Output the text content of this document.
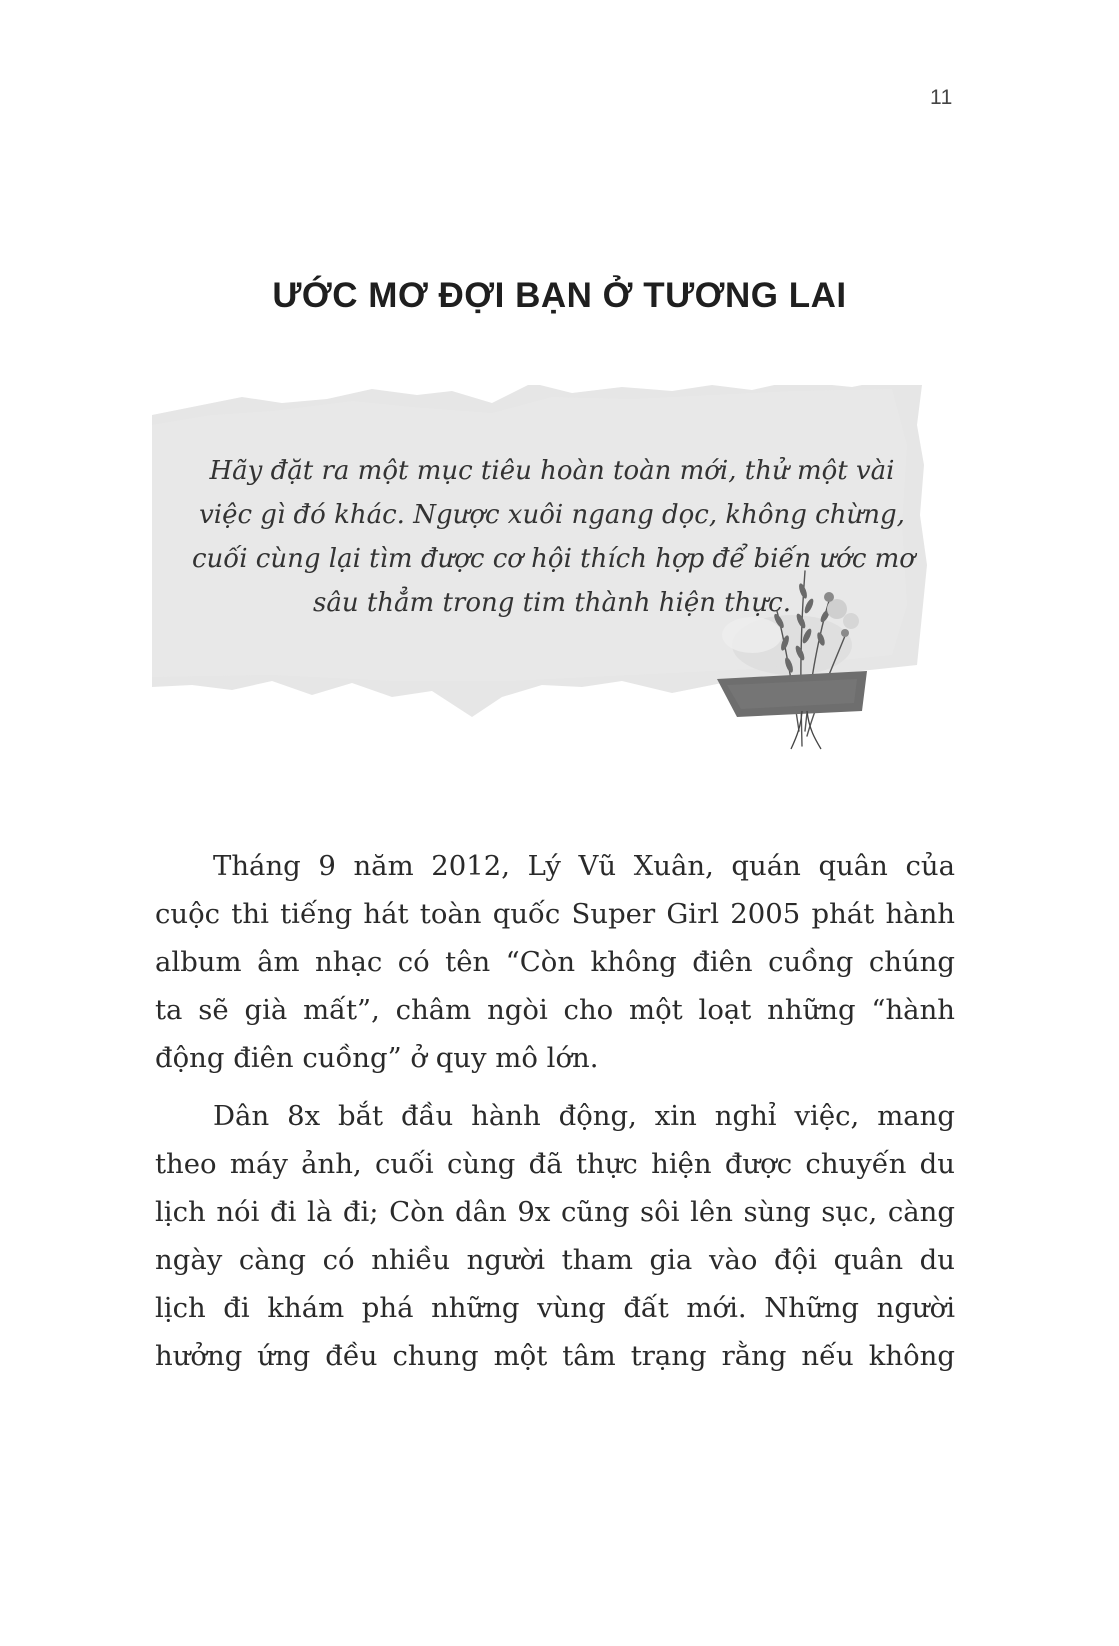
11
ƯỚC MƠ ĐỢI BẠN Ở TƯƠNG LAI
Hãy đặt ra một mục tiêu hoàn toàn mới, thử một vài
việc gì đó khác. Ngược xuôi ngang dọc, không chừng,
cuối cùng lại tìm được cơ hội thích hợp để biến ước mơ
sâu thẳm trong tim thành hiện thực.
Tháng 9 năm 2012, Lý Vũ Xuân, quán quân của
cuộc thi tiếng hát toàn quốc Super Girl 2005 phát hành
album âm nhạc có tên “Còn không điên cuồng chúng
ta sẽ già mất”, châm ngòi cho một loạt những “hành
động điên cuồng” ở quy mô lớn.
Dân 8x bắt đầu hành động, xin nghỉ việc, mang
theo máy ảnh, cuối cùng đã thực hiện được chuyến du
lịch nói đi là đi; Còn dân 9x cũng sôi lên sùng sục, càng
ngày càng có nhiều người tham gia vào đội quân du
lịch đi khám phá những vùng đất mới. Những người
hưởng ứng đều chung một tâm trạng rằng nếu không
